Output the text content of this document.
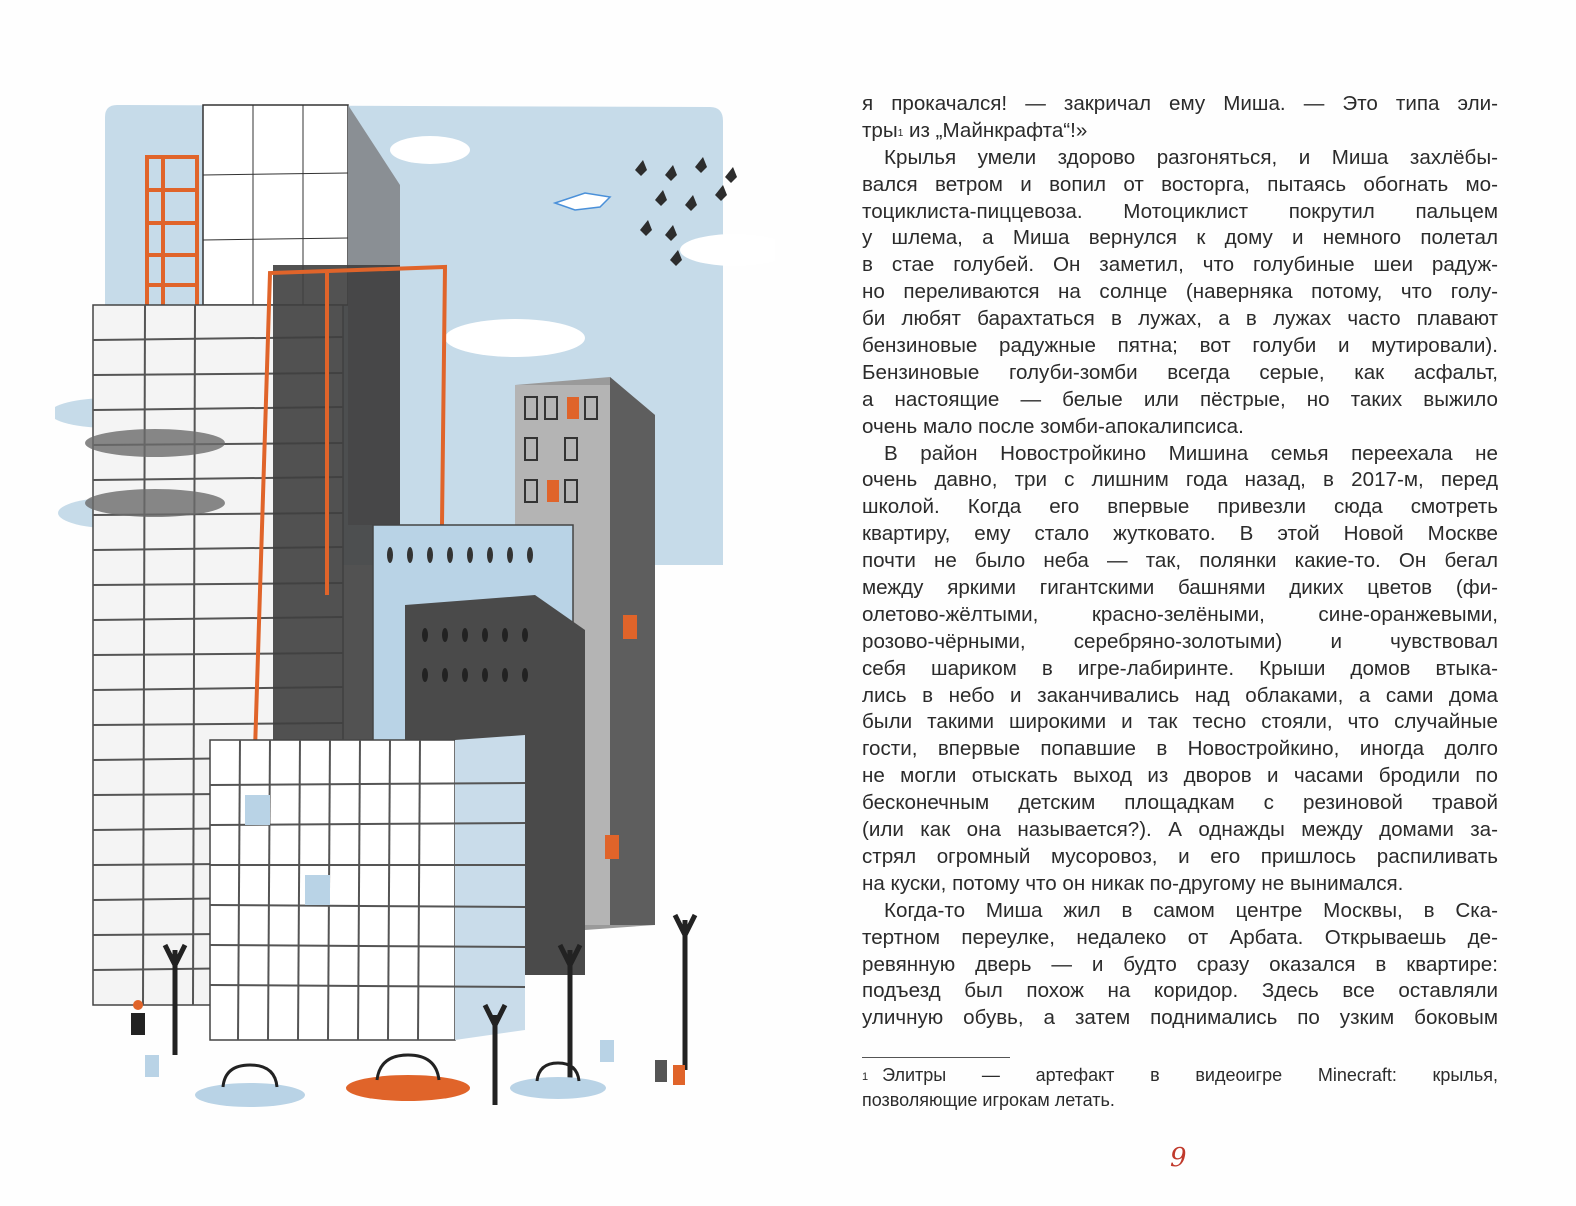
я прокачался! — закричал ему Миша. — Это типа эли-
тры$^1$ из „Майнкрафта“!»
Крылья умели здорово разгоняться, и Миша захлёбы-
вался ветром и вопил от восторга, пытаясь обогнать мо-
тоциклиста-пиццевоза. Мотоциклист покрутил пальцем
у шлема, а Миша вернулся к дому и немного полетал
в стае голубей. Он заметил, что голубиные шеи радуж-
но переливаются на солнце (наверняка потому, что голу-
би любят барахтаться в лужах, а в лужах часто плавают
бензиновые радужные пятна; вот голуби и мутировали).
Бензиновые голуби-зомби всегда серые, как асфальт,
а настоящие — белые или пёстрые, но таких выжило
очень мало после зомби-апокалипсиса.
В район Новостройкино Мишина семья переехала не
очень давно, три с лишним года назад, в 2017-м, перед
школой. Когда его впервые привезли сюда смотреть
квартиру, ему стало жутковато. В этой Новой Москве
почти не было неба — так, полянки какие-то. Он бегал
между яркими гигантскими башнями диких цветов (фи-
олетово-жёлтыми, красно-зелёными, сине-оранжевыми,
розово-чёрными, серебряно-золотыми) и чувствовал
себя шариком в игре-лабиринте. Крыши домов втыка-
лись в небо и заканчивались над облаками, а сами дома
были такими широкими и так тесно стояли, что случайные
гости, впервые попавшие в Новостройкино, иногда долго
не могли отыскать выход из дворов и часами бродили по
бесконечным детским площадкам с резиновой травой
(или как она называется?). А однажды между домами за-
стрял огромный мусоровоз, и его пришлось распиливать
на куски, потому что он никак по-другому не вынимался.
Когда-то Миша жил в самом центре Москвы, в Ска-
тертном переулке, недалеко от Арбата. Открываешь де-
ревянную дверь — и будто сразу оказался в квартире:
подъезд был похож на коридор. Здесь все оставляли
уличную обувь, а затем поднимались по узким боковым
$^1$ Элитры — артефакт в видеоигре Minecraft: крылья,
позволяющие игрокам летать.
9
